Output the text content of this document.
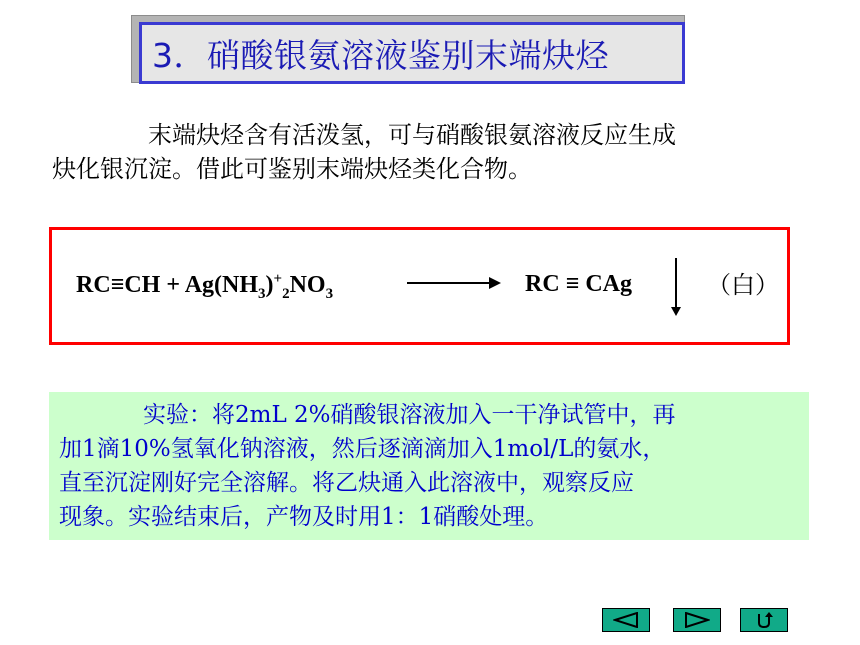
3．硝酸银氨溶液鉴别末端炔烃
末端炔烃含有活泼氢，可与硝酸银氨溶液反应生成
炔化银沉淀。借此可鉴别末端炔烃类化合物。
$RC\equiv CH + Ag(NH_3)^+_2NO_3$	RC ≡ CAg	（白）
实验：将2mL 2%硝酸银溶液加入一干净试管中，再
加1滴10%氢氧化钠溶液，然后逐滴滴加入1mol/L的氨水，
直至沉淀刚好完全溶解。将乙炔通入此溶液中，观察反应
现象。实验结束后，产物及时用1：1硝酸处理。
